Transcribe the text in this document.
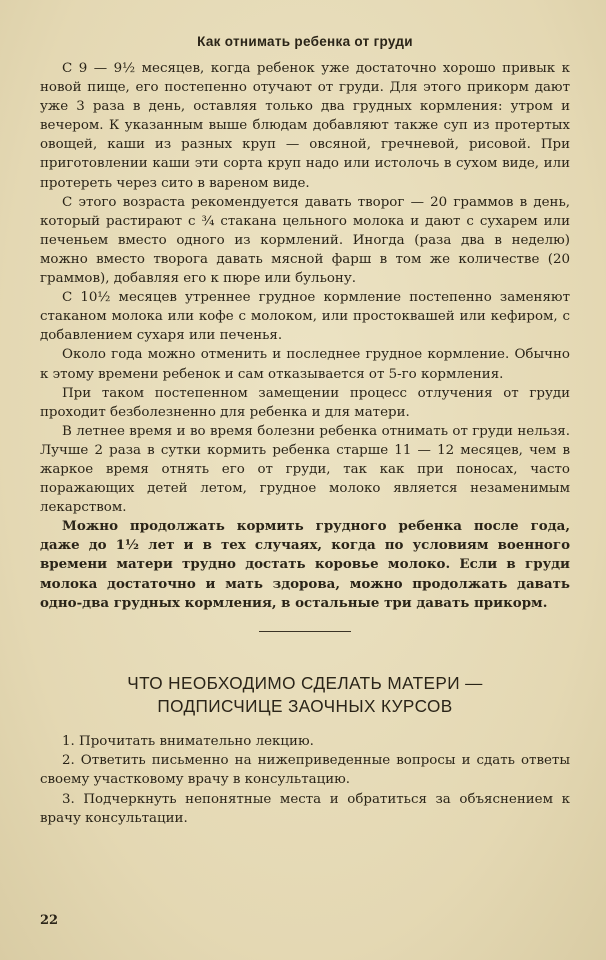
Как отнимать ребенка от груди

С 9 — 9½ месяцев, когда ребенок уже достаточно хорошо привык к новой пище, его постепенно отучают от груди. Для этого прикорм дают уже 3 раза в день, оставляя только два грудных кормления: утром и вечером. К указанным выше блюдам добавляют также суп из протертых овощей, каши из разных круп — овсяной, гречневой, рисовой. При приготовлении каши эти сорта круп надо или истолочь в сухом виде, или протереть через сито в вареном виде.

С этого возраста рекомендуется давать творог — 20 граммов в день, который растирают с ¾ стакана цельного молока и дают с сухарем или печеньем вместо одного из кормлений. Иногда (раза два в неделю) можно вместо творога давать мясной фарш в том же количестве (20 граммов), добавляя его к пюре или бульону.

С 10½ месяцев утреннее грудное кормление постепенно заменяют стаканом молока или кофе с молоком, или простоквашей или кефиром, с добавлением сухаря или печенья.

Около года можно отменить и последнее грудное кормление. Обычно к этому времени ребенок и сам отказывается от 5-го кормления.

При таком постепенном замещении процесс отлучения от груди проходит безболезненно для ребенка и для матери.

В летнее время и во время болезни ребенка отнимать от груди нельзя. Лучше 2 раза в сутки кормить ребенка старше 11 — 12 месяцев, чем в жаркое время отнять его от груди, так как при поносах, часто поражающих детей летом, грудное молоко является незаменимым лекарством.

Можно продолжать кормить грудного ребенка после года, даже до 1½ лет и в тех случаях, когда по условиям военного времени матери трудно достать коровье молоко. Если в груди молока достаточно и мать здорова, можно продолжать давать одно-два грудных кормления, в остальные три давать прикорм.

ЧТО НЕОБХОДИМО СДЕЛАТЬ МАТЕРИ —
ПОДПИСЧИЦЕ ЗАОЧНЫХ КУРСОВ

1. Прочитать внимательно лекцию.

2. Ответить письменно на нижеприведенные вопросы и сдать ответы своему участковому врачу в консультацию.

3. Подчеркнуть непонятные места и обратиться за объяснением к врачу консультации.

22
